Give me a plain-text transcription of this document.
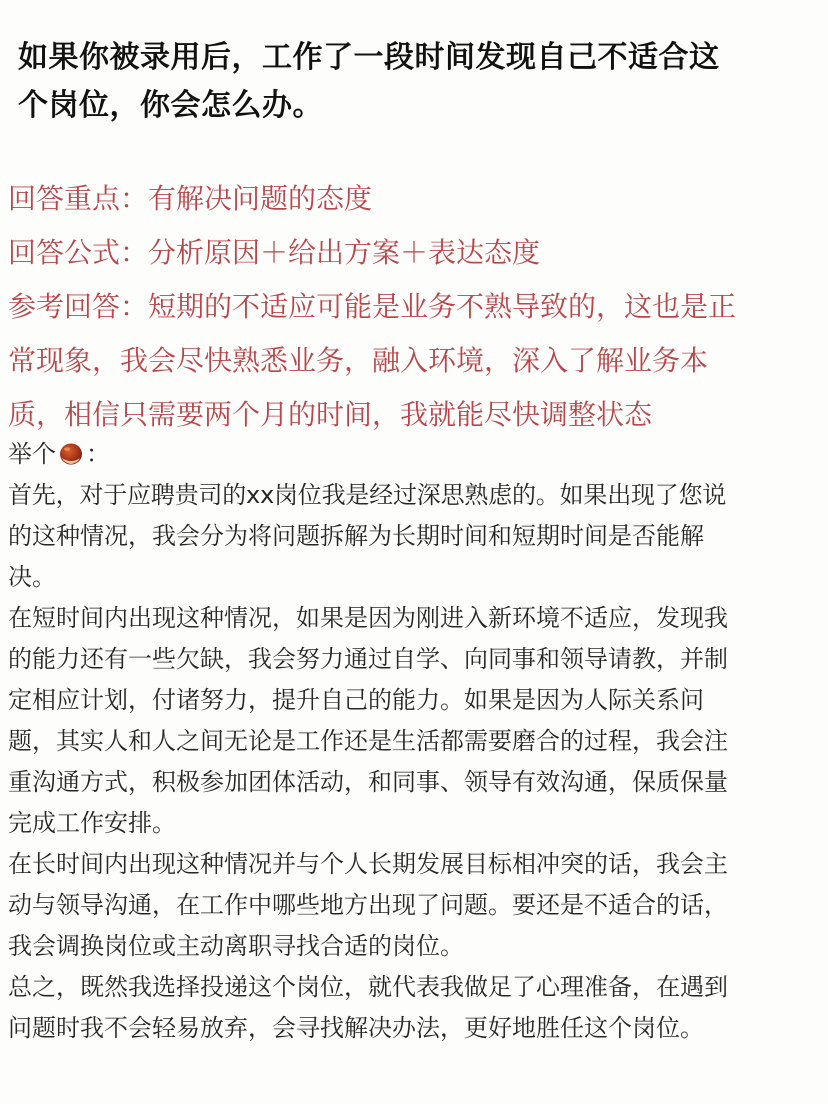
如果你被录用后，工作了一段时间发现自己不适合这
个岗位，你会怎么办。
回答重点：有解决问题的态度
回答公式：分析原因＋给出方案＋表达态度
参考回答：短期的不适应可能是业务不熟导致的，这也是正
常现象，我会尽快熟悉业务，融入环境，深入了解业务本
质，相信只需要两个月的时间，我就能尽快调整状态
举个 ：
首先，对于应聘贵司的xx岗位我是经过深思熟虑的。如果出现了您说
的这种情况，我会分为将问题拆解为长期时间和短期时间是否能解
决。
在短时间内出现这种情况，如果是因为刚进入新环境不适应，发现我
的能力还有一些欠缺，我会努力通过自学、向同事和领导请教，并制
定相应计划，付诸努力，提升自己的能力。如果是因为人际关系问
题，其实人和人之间无论是工作还是生活都需要磨合的过程，我会注
重沟通方式，积极参加团体活动，和同事、领导有效沟通，保质保量
完成工作安排。
在长时间内出现这种情况并与个人长期发展目标相冲突的话，我会主
动与领导沟通，在工作中哪些地方出现了问题。要还是不适合的话，
我会调换岗位或主动离职寻找合适的岗位。
总之，既然我选择投递这个岗位，就代表我做足了心理准备，在遇到
问题时我不会轻易放弃，会寻找解决办法，更好地胜任这个岗位。
